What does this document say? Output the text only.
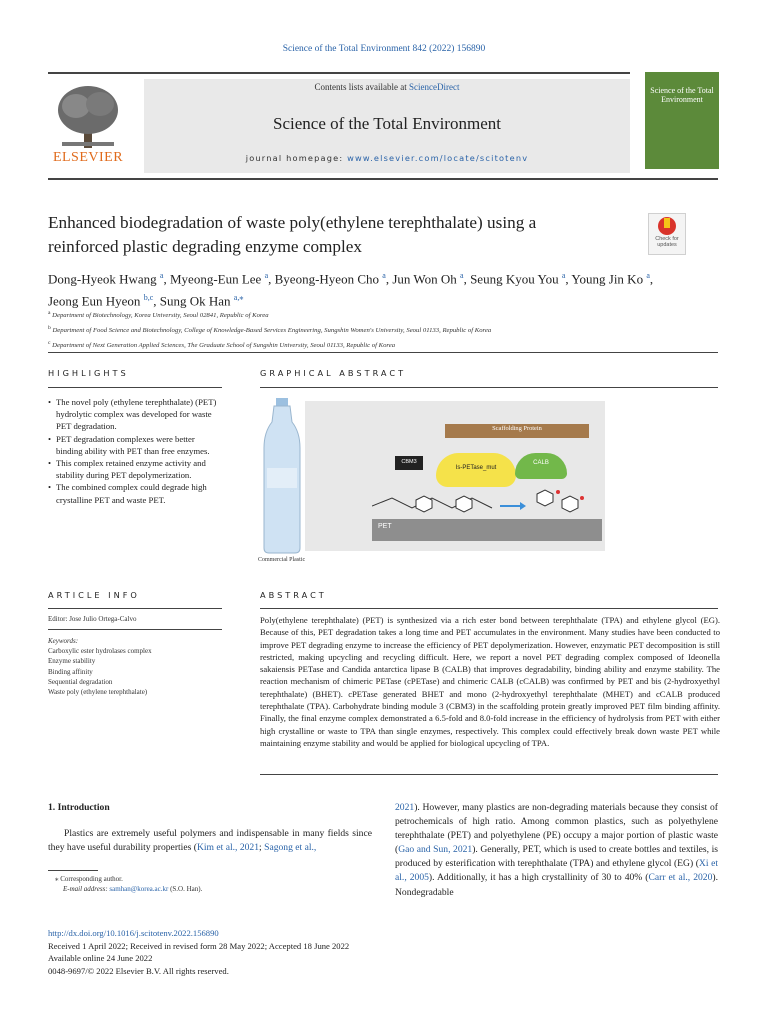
Science of the Total Environment 842 (2022) 156890
ELSEVIER
Contents lists available at ScienceDirect
Science of the Total Environment
journal homepage: www.elsevier.com/locate/scitotenv
Science of the Total Environment
Enhanced biodegradation of waste poly(ethylene terephthalate) using a reinforced plastic degrading enzyme complex	Check for updates
Dong-Hyeok Hwang $^a$, Myeong-Eun Lee $^a$, Byeong-Hyeon Cho $^a$, Jun Won Oh $^a$, Seung Kyou You $^a$, Young Jin Ko $^a$,
Jeong Eun Hyeon $^{b,c}$, Sung Ok Han $^{a,⁎}$
$^a$ Department of Biotechnology, Korea University, Seoul 02841, Republic of Korea
$^b$ Department of Food Science and Biotechnology, College of Knowledge-Based Services Engineering, Sungshin Women's University, Seoul 01133, Republic of Korea
$^c$ Department of Next Generation Applied Sciences, The Graduate School of Sungshin University, Seoul 01133, Republic of Korea
HIGHLIGHTS
• The novel poly (ethylene terephthalate) (PET) hydrolytic complex was developed for waste PET degradation.
• PET degradation complexes were better binding ability with PET than free enzymes.
• This complex retained enzyme activity and stability during PET depolymerization.
• The combined complex could degrade high crystalline PET and waste PET.
GRAPHICAL ABSTRACT
Commercial Plastic
Scaffolding Protein
CBM3
Is-PETase_mut
CALB
PET
ARTICLE INFO
Editor: Jose Julio Ortega-Calvo
Keywords:
Carboxylic ester hydrolases complex
Enzyme stability
Binding affinity
Sequential degradation
Waste poly (ethylene terephthalate)
ABSTRACT
Poly(ethylene terephthalate) (PET) is synthesized via a rich ester bond between terephthalate (TPA) and ethylene glycol (EG). Because of this, PET degradation takes a long time and PET accumulates in the environment. Many studies have been conducted to improve PET degrading enzyme to increase the efficiency of PET depolymerization. However, enzymatic PET decomposition is still restricted, making upcycling and recycling difficult. Here, we report a novel PET degrading complex composed of Ideonella sakaiensis PETase and Candida antarctica lipase B (CALB) that improves degradability, binding ability and enzyme stability. The reaction mechanism of chimeric PETase (cPETase) and chimeric CALB (cCALB) was confirmed by PET and bis (2-hydroxyethyl terephthalate) (BHET). cPETase generated BHET and mono (2-hydroxyethyl terephthalate (MHET) and cCALB produced terephthalate (TPA). Carbohydrate binding module 3 (CBM3) in the scaffolding protein greatly improved PET film binding affinity. Finally, the final enzyme complex demonstrated a 6.5-fold and 8.0-fold increase in the efficiency of hydrolysis from PET with either high crystalline or waste to TPA than single enzymes, respectively. This complex could effectively break down waste PET while maintaining enzyme stability and would be applied for biological upcycling of TPA.
1. Introduction
Plastics are extremely useful polymers and indispensable in many fields since they have useful durability properties (Kim et al., 2021; Sagong et al.,
2021). However, many plastics are non-degrading materials because they consist of petrochemicals of high ratio. Among common plastics, such as polyethylene terephthalate (PET) and polyethylene (PE) occupy a major portion of plastic waste (Gao and Sun, 2021). Generally, PET, which is used to create bottles and textiles, is produced by esterification with terephthalate (TPA) and ethylene glycol (EG) (Xi et al., 2005). Additionally, it has a high crystallinity of 30 to 40% (Carr et al., 2020). Nondegradable
⁎ Corresponding author.
E-mail address: samhan@korea.ac.kr (S.O. Han).
http://dx.doi.org/10.1016/j.scitotenv.2022.156890
Received 1 April 2022; Received in revised form 28 May 2022; Accepted 18 June 2022
Available online 24 June 2022
0048-9697/© 2022 Elsevier B.V. All rights reserved.
